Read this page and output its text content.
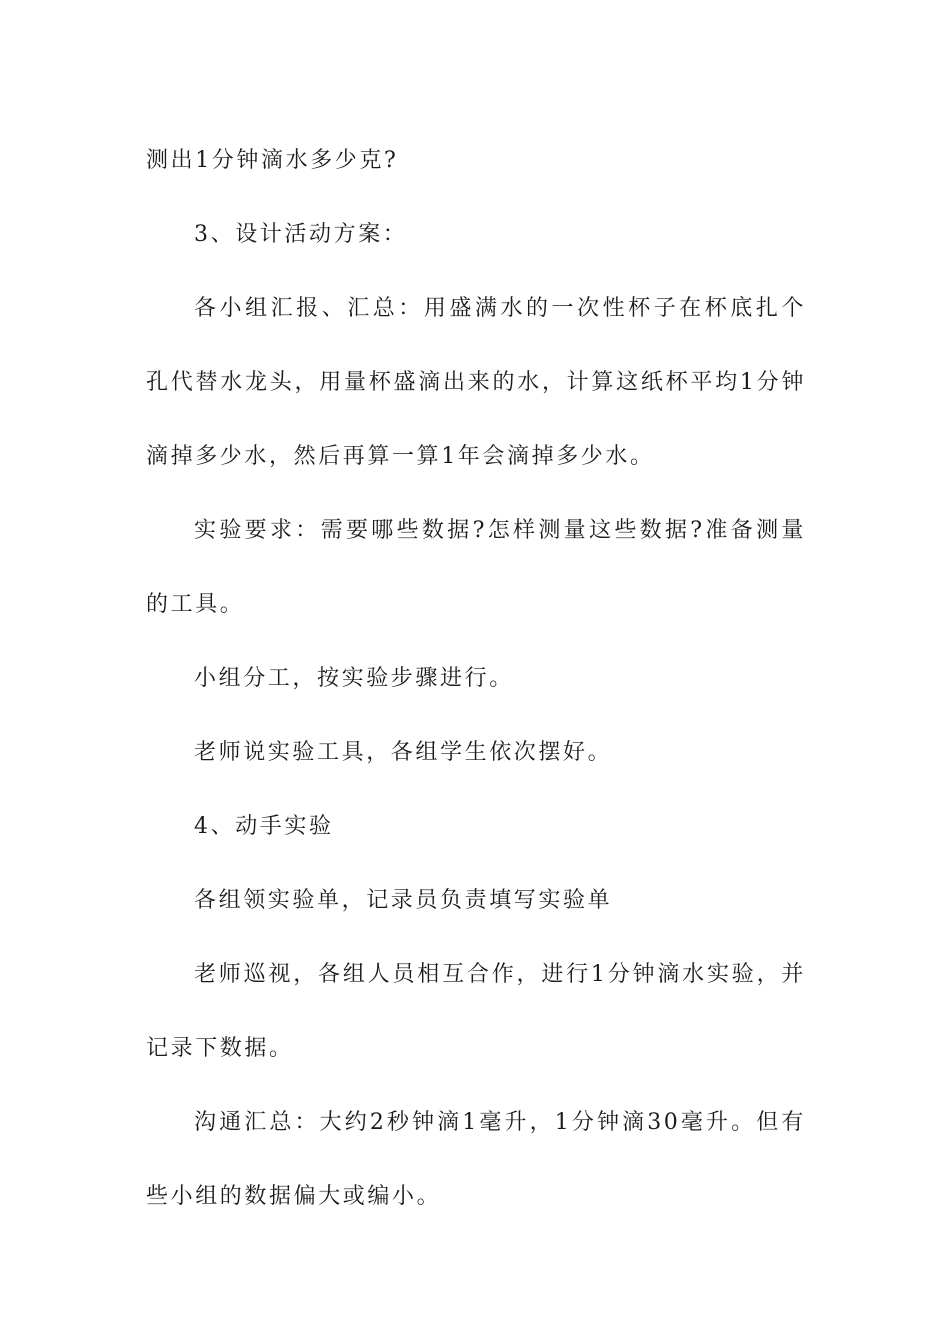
测出1分钟滴水多少克?

3、设计活动方案：

各小组汇报、汇总：用盛满水的一次性杯子在杯底扎个孔代替水龙头，用量杯盛滴出来的水，计算这纸杯平均1分钟滴掉多少水，然后再算一算1年会滴掉多少水。

实验要求：需要哪些数据?怎样测量这些数据?准备测量的工具。

小组分工，按实验步骤进行。

老师说实验工具，各组学生依次摆好。

4、动手实验

各组领实验单，记录员负责填写实验单

老师巡视，各组人员相互合作，进行1分钟滴水实验，并记录下数据。

沟通汇总：大约2秒钟滴1毫升，1分钟滴30毫升。但有些小组的数据偏大或编小。
